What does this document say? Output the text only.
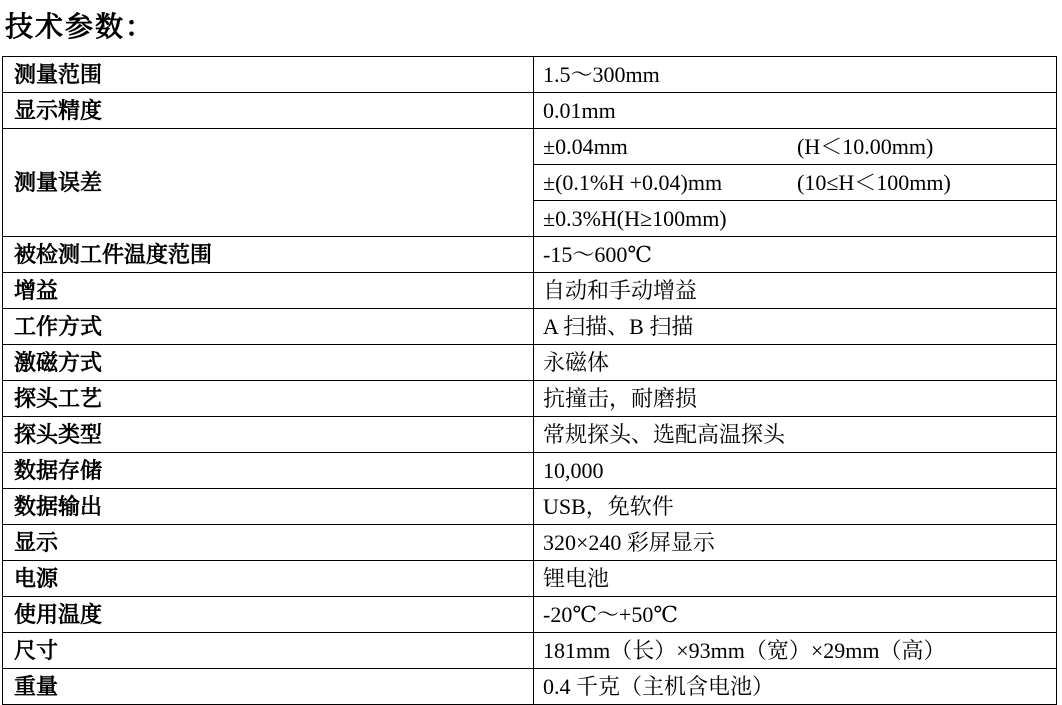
技术参数：
测量范围	1.5～300mm
显示精度	0.01mm
测量误差	±0.04mm (H＜10.00mm)

	±(0.1%H +0.04)mm (10≤H＜100mm)

	±0.3%H(H≥100mm)
被检测工件温度范围	-15～600℃
增益	自动和手动增益
工作方式	A 扫描、B 扫描
激磁方式	永磁体
探头工艺	抗撞击，耐磨损
探头类型	常规探头、选配高温探头
数据存储	10,000
数据输出	USB，免软件
显示	320×240 彩屏显示
电源	锂电池
使用温度	-20℃～+50℃
尺寸	181mm（长）×93mm（宽）×29mm（高）
重量	0.4 千克（主机含电池）
